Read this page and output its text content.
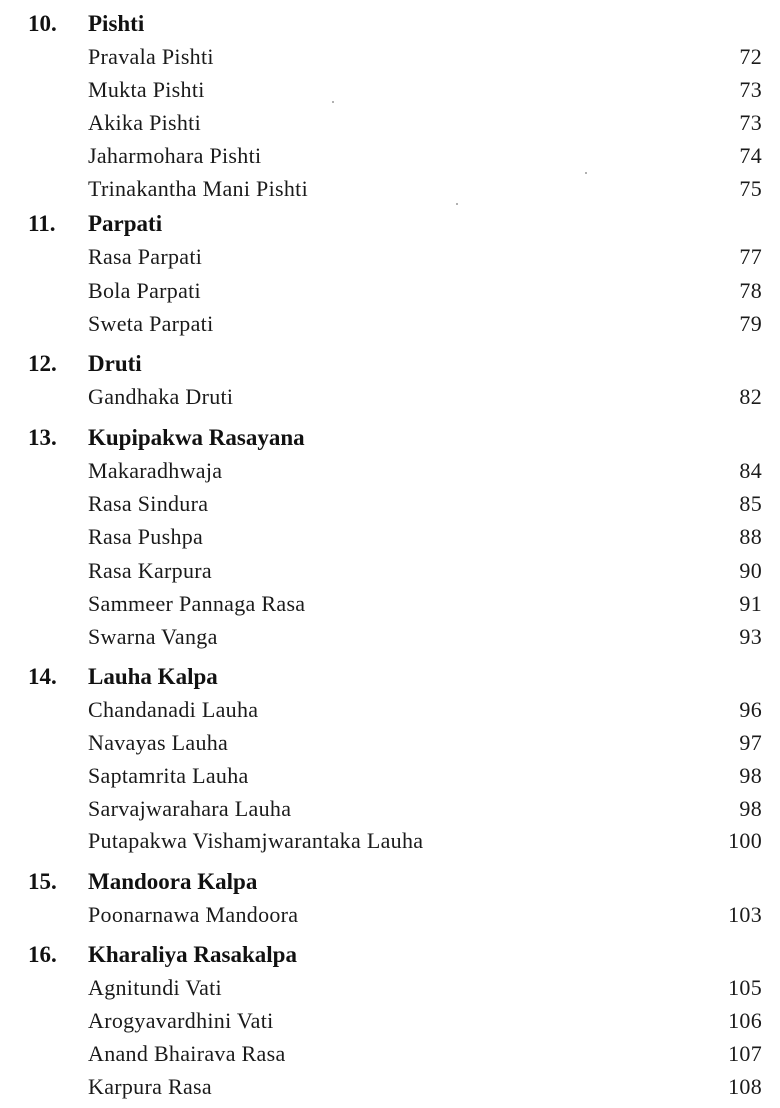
10. Pishti
Pravala Pishti	72
Mukta Pishti	73
Akika Pishti	73
Jaharmohara Pishti	74
Trinakantha Mani Pishti	75
11. Parpati
Rasa Parpati	77
Bola Parpati	78
Sweta Parpati	79
12. Druti
Gandhaka Druti	82
13. Kupipakwa Rasayana
Makaradhwaja	84
Rasa Sindura	85
Rasa Pushpa	88
Rasa Karpura	90
Sammeer Pannaga Rasa	91
Swarna Vanga	93
14. Lauha Kalpa
Chandanadi Lauha	96
Navayas Lauha	97
Saptamrita Lauha	98
Sarvajwarahara Lauha	98
Putapakwa Vishamjwarantaka Lauha	100
15. Mandoora Kalpa
Poonarnawa Mandoora	103
16. Kharaliya Rasakalpa
Agnitundi Vati	105
Arogyavardhini Vati	106
Anand Bhairava Rasa	107
Karpura Rasa	108
